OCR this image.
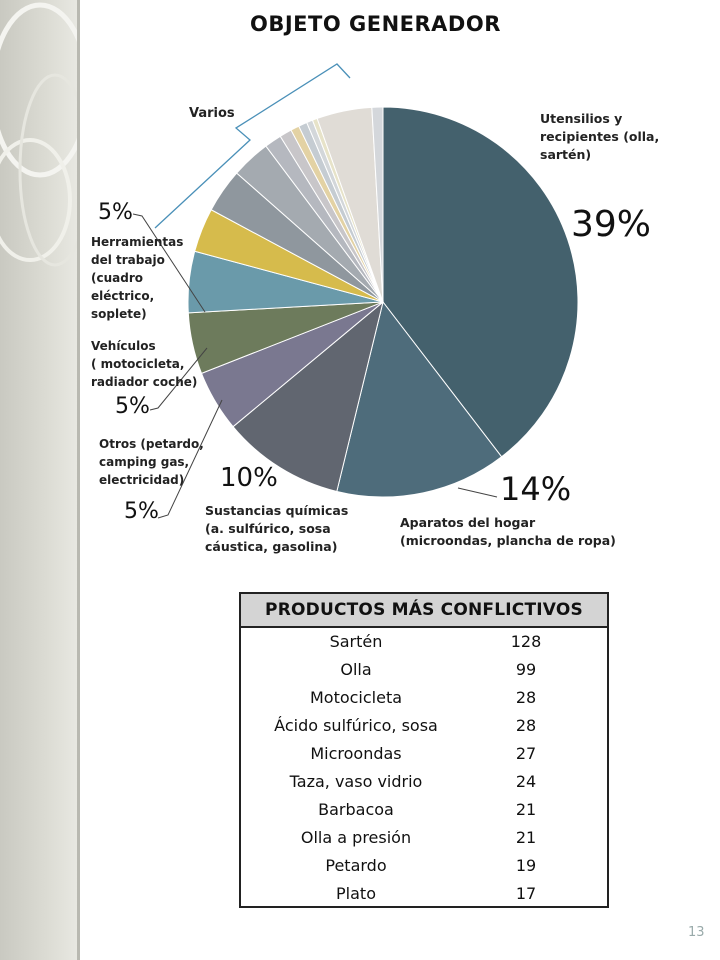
OBJETO GENERADOR
Varios	Utensilios y
recipientes (olla,
sartén)
39%
14%
Aparatos del hogar
(microondas, plancha de ropa)
10%
Sustancias químicas
(a. sulfúrico, sosa
cáustica, gasolina)
Otros (petardo,
camping gas,
electricidad)
5%
Vehículos
( motocicleta,
radiador coche)
5%
5%
Herramientas
del trabajo
(cuadro
eléctrico,
soplete)
PRODUCTOS MÁS CONFLICTIVOS
Sartén	128
Olla	99
Motocicleta	28
Ácido sulfúrico, sosa	28
Microondas	27
Taza, vaso vidrio	24
Barbacoa	21
Olla a presión	21
Petardo	19
Plato	17
13
